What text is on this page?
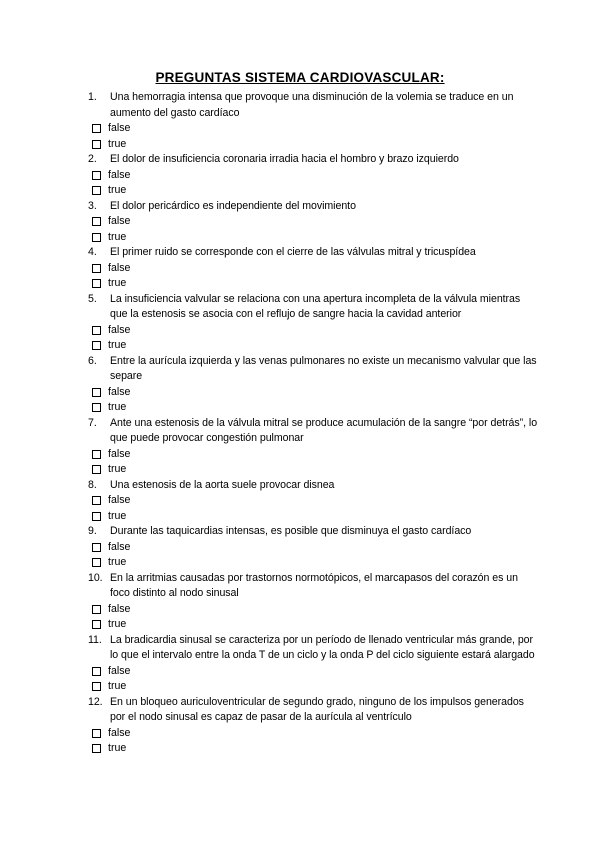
PREGUNTAS SISTEMA CARDIOVASCULAR:
1. Una hemorragia intensa que provoque una disminución de la volemia se traduce en un aumento del gasto cardíaco
false
true
2. El dolor de insuficiencia coronaria irradia hacia el hombro y brazo izquierdo
false
true
3. El dolor pericárdico es independiente del movimiento
false
true
4. El primer ruido se corresponde con el cierre de las válvulas mitral y tricuspídea
false
true
5. La insuficiencia valvular se relaciona con una apertura incompleta de la válvula mientras que la estenosis se asocia con el reflujo de sangre hacia la cavidad anterior
false
true
6. Entre la aurícula izquierda y las venas pulmonares no existe un mecanismo valvular que las separe
false
true
7. Ante una estenosis de la válvula mitral se produce acumulación de la sangre “por detrás”, lo que puede provocar congestión pulmonar
false
true
8. Una estenosis de la aorta suele provocar disnea
false
true
9. Durante las taquicardias intensas, es posible que disminuya el gasto cardíaco
false
true
10. En la arritmias causadas por trastornos normotópicos, el marcapasos del corazón es un foco distinto al nodo sinusal
false
true
11. La bradicardia sinusal se caracteriza por un período de llenado ventricular más grande, por lo que el intervalo entre la onda T de un ciclo y la onda P del ciclo siguiente estará alargado
false
true
12. En un bloqueo auriculoventricular de segundo grado, ninguno de los impulsos generados por el nodo sinusal es capaz de pasar de la aurícula al ventrículo
false
true
